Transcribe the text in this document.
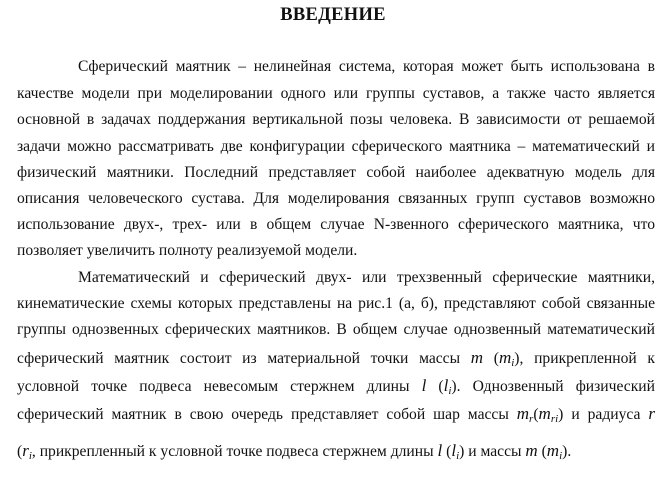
ВВЕДЕНИЕ
Сферический маятник – нелинейная система, которая может быть использована в
качестве модели при моделировании одного или группы суставов, а также часто является
основной в задачах поддержания вертикальной позы человека. В зависимости от решаемой
задачи можно рассматривать две конфигурации сферического маятника – математический и
физический маятники. Последний представляет собой наиболее адекватную модель для
описания человеческого сустава. Для моделирования связанных групп суставов возможно
использование двух-, трех- или в общем случае N-звенного сферического маятника, что
позволяет увеличить полноту реализуемой модели.
Математический и сферический двух- или трехзвенный сферические маятники,
кинематические схемы которых представлены на рис.1 (а, б), представляют собой связанные
группы однозвенных сферических маятников. В общем случае однозвенный математический
сферический маятник состоит из материальной точки массы m (mi), прикрепленной к
условной точке подвеса невесомым стержнем длины l (li). Однозвенный физический
сферический маятник в свою очередь представляет собой шар массы mr(mri) и радиуса r
(ri, прикрепленный к условной точке подвеса стержнем длины l (li) и массы m (mi).
